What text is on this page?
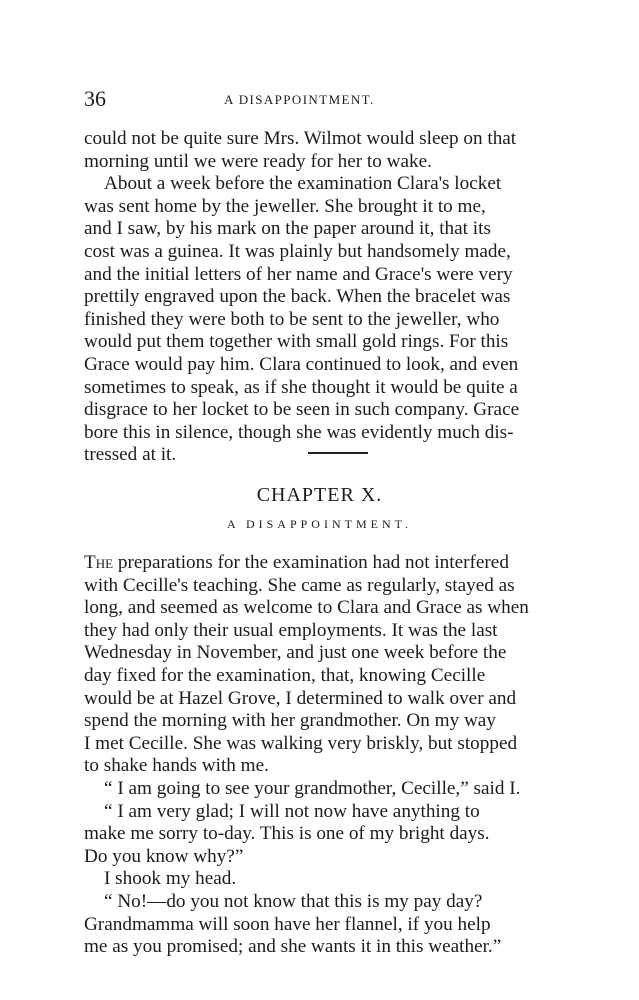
36	A DISAPPOINTMENT.
could not be quite sure Mrs. Wilmot would sleep on that
morning until we were ready for her to wake.
About a week before the examination Clara's locket
was sent home by the jeweller. She brought it to me,
and I saw, by his mark on the paper around it, that its
cost was a guinea. It was plainly but handsomely made,
and the initial letters of her name and Grace's were very
prettily engraved upon the back. When the bracelet was
finished they were both to be sent to the jeweller, who
would put them together with small gold rings. For this
Grace would pay him. Clara continued to look, and even
sometimes to speak, as if she thought it would be quite a
disgrace to her locket to be seen in such company. Grace
bore this in silence, though she was evidently much dis-
tressed at it.
CHAPTER X.
A DISAPPOINTMENT.
The preparations for the examination had not interfered
with Cecille's teaching. She came as regularly, stayed as
long, and seemed as welcome to Clara and Grace as when
they had only their usual employments. It was the last
Wednesday in November, and just one week before the
day fixed for the examination, that, knowing Cecille
would be at Hazel Grove, I determined to walk over and
spend the morning with her grandmother. On my way
I met Cecille. She was walking very briskly, but stopped
to shake hands with me.
“ I am going to see your grandmother, Cecille,” said I.
“ I am very glad; I will not now have anything to
make me sorry to-day. This is one of my bright days.
Do you know why?”
I shook my head.
“ No!—do you not know that this is my pay day?
Grandmamma will soon have her flannel, if you help
me as you promised; and she wants it in this weather.”
